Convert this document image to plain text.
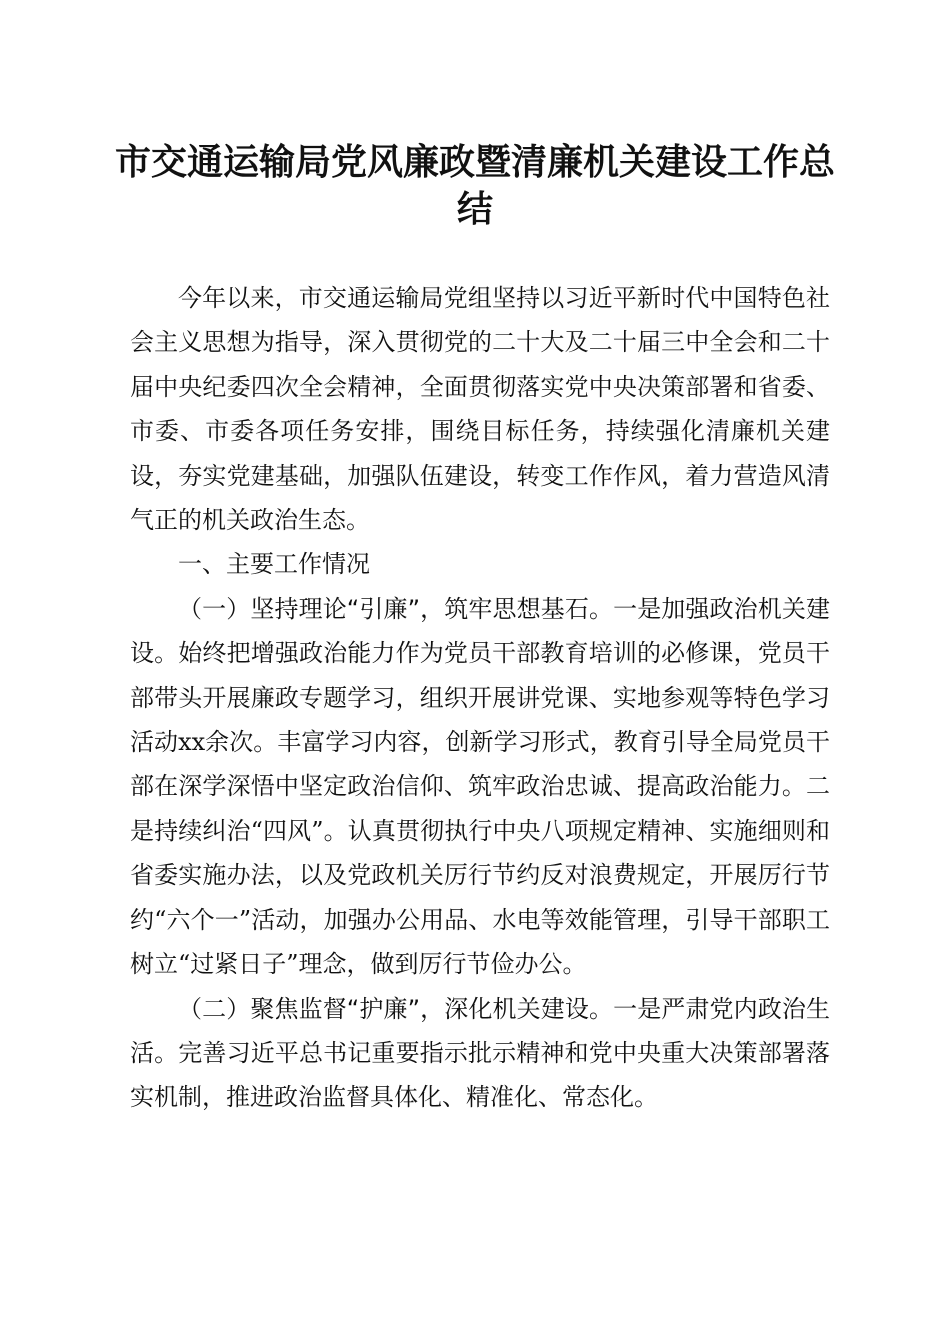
市交通运输局党风廉政暨清廉机关建设工作总
结

今年以来，市交通运输局党组坚持以习近平新时代中国特色社会主义思想为指导，深入贯彻党的二十大及二十届三中全会和二十届中央纪委四次全会精神，全面贯彻落实党中央决策部署和省委、市委、市委各项任务安排，围绕目标任务，持续强化清廉机关建设，夯实党建基础，加强队伍建设，转变工作作风，着力营造风清气正的机关政治生态。

一、主要工作情况

（一）坚持理论“引廉”，筑牢思想基石。一是加强政治机关建设。始终把增强政治能力作为党员干部教育培训的必修课，党员干部带头开展廉政专题学习，组织开展讲党课、实地参观等特色学习活动xx余次。丰富学习内容，创新学习形式，教育引导全局党员干部在深学深悟中坚定政治信仰、筑牢政治忠诚、提高政治能力。二是持续纠治“四风”。认真贯彻执行中央八项规定精神、实施细则和省委实施办法，以及党政机关厉行节约反对浪费规定，开展厉行节约“六个一”活动，加强办公用品、水电等效能管理，引导干部职工树立“过紧日子”理念，做到厉行节俭办公。

（二）聚焦监督“护廉”，深化机关建设。一是严肃党内政治生活。完善习近平总书记重要指示批示精神和党中央重大决策部署落实机制，推进政治监督具体化、精准化、常态化。
